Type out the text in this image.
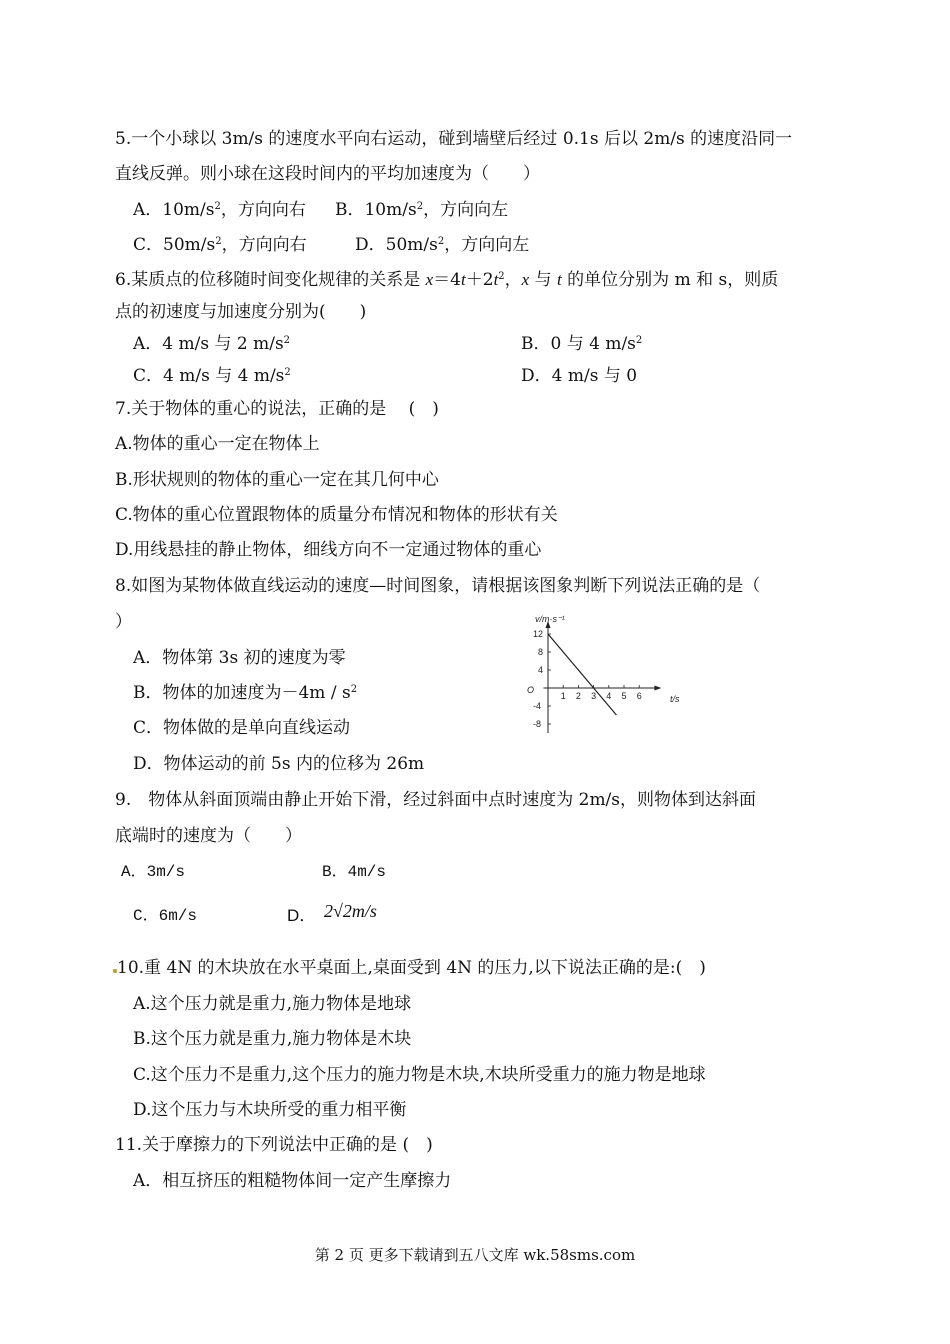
5.一个小球以 3m/s 的速度水平向右运动，碰到墙壁后经过 0.1s 后以 2m/s 的速度沿同一
直线反弹。则小球在这段时间内的平均加速度为（　　）
A．$10m/s^2$，方向向右 B．$10m/s^2$，方向向左
C．$50m/s^2$，方向向右	D．$50m/s^2$，方向向左
6.某质点的位移随时间变化规律的关系是 $x=4t+2t^2$，x 与 t 的单位分别为 m 和 s，则质
点的初速度与加速度分别为(　　)
A．4 m/s 与 2 $m/s^2$	B．0 与 4 $m/s^2$
C．4 m/s 与 4 $m/s^2$	D．4 m/s 与 0
7.关于物体的重心的说法，正确的是　 (　)
A.物体的重心一定在物体上
B.形状规则的物体的重心一定在其几何中心
C.物体的重心位置跟物体的质量分布情况和物体的形状有关
D.用线悬挂的静止物体，细线方向不一定通过物体的重心
8.如图为某物体做直线运动的速度—时间图象，请根据该图象判断下列说法正确的是（
）
A．物体第 3s 初的速度为零
B．物体的加速度为$-4m / s^2$
C．物体做的是单向直线运动
D．物体运动的前 5s 内的位移为 26m
1 2 3 4 5 6
12
8
4
-4
-8
v/m·s⁻¹
t/s
O
9.　物体从斜面顶端由静止开始下滑，经过斜面中点时速度为 2m/s，则物体到达斜面
底端时的速度为（　　）
A．3m/s	B．4m/s
C．6m/s	D． 2√2m/s
10.重 4N 的木块放在水平桌面上,桌面受到 4N 的压力,以下说法正确的是:(　)
A.这个压力就是重力,施力物体是地球
B.这个压力就是重力,施力物体是木块
C.这个压力不是重力,这个压力的施力物是木块,木块所受重力的施力物是地球
D.这个压力与木块所受的重力相平衡
11.关于摩擦力的下列说法中正确的是 (　)
A．相互挤压的粗糙物体间一定产生摩擦力
第 2 页 更多下载请到五八文库 wk.58sms.com
